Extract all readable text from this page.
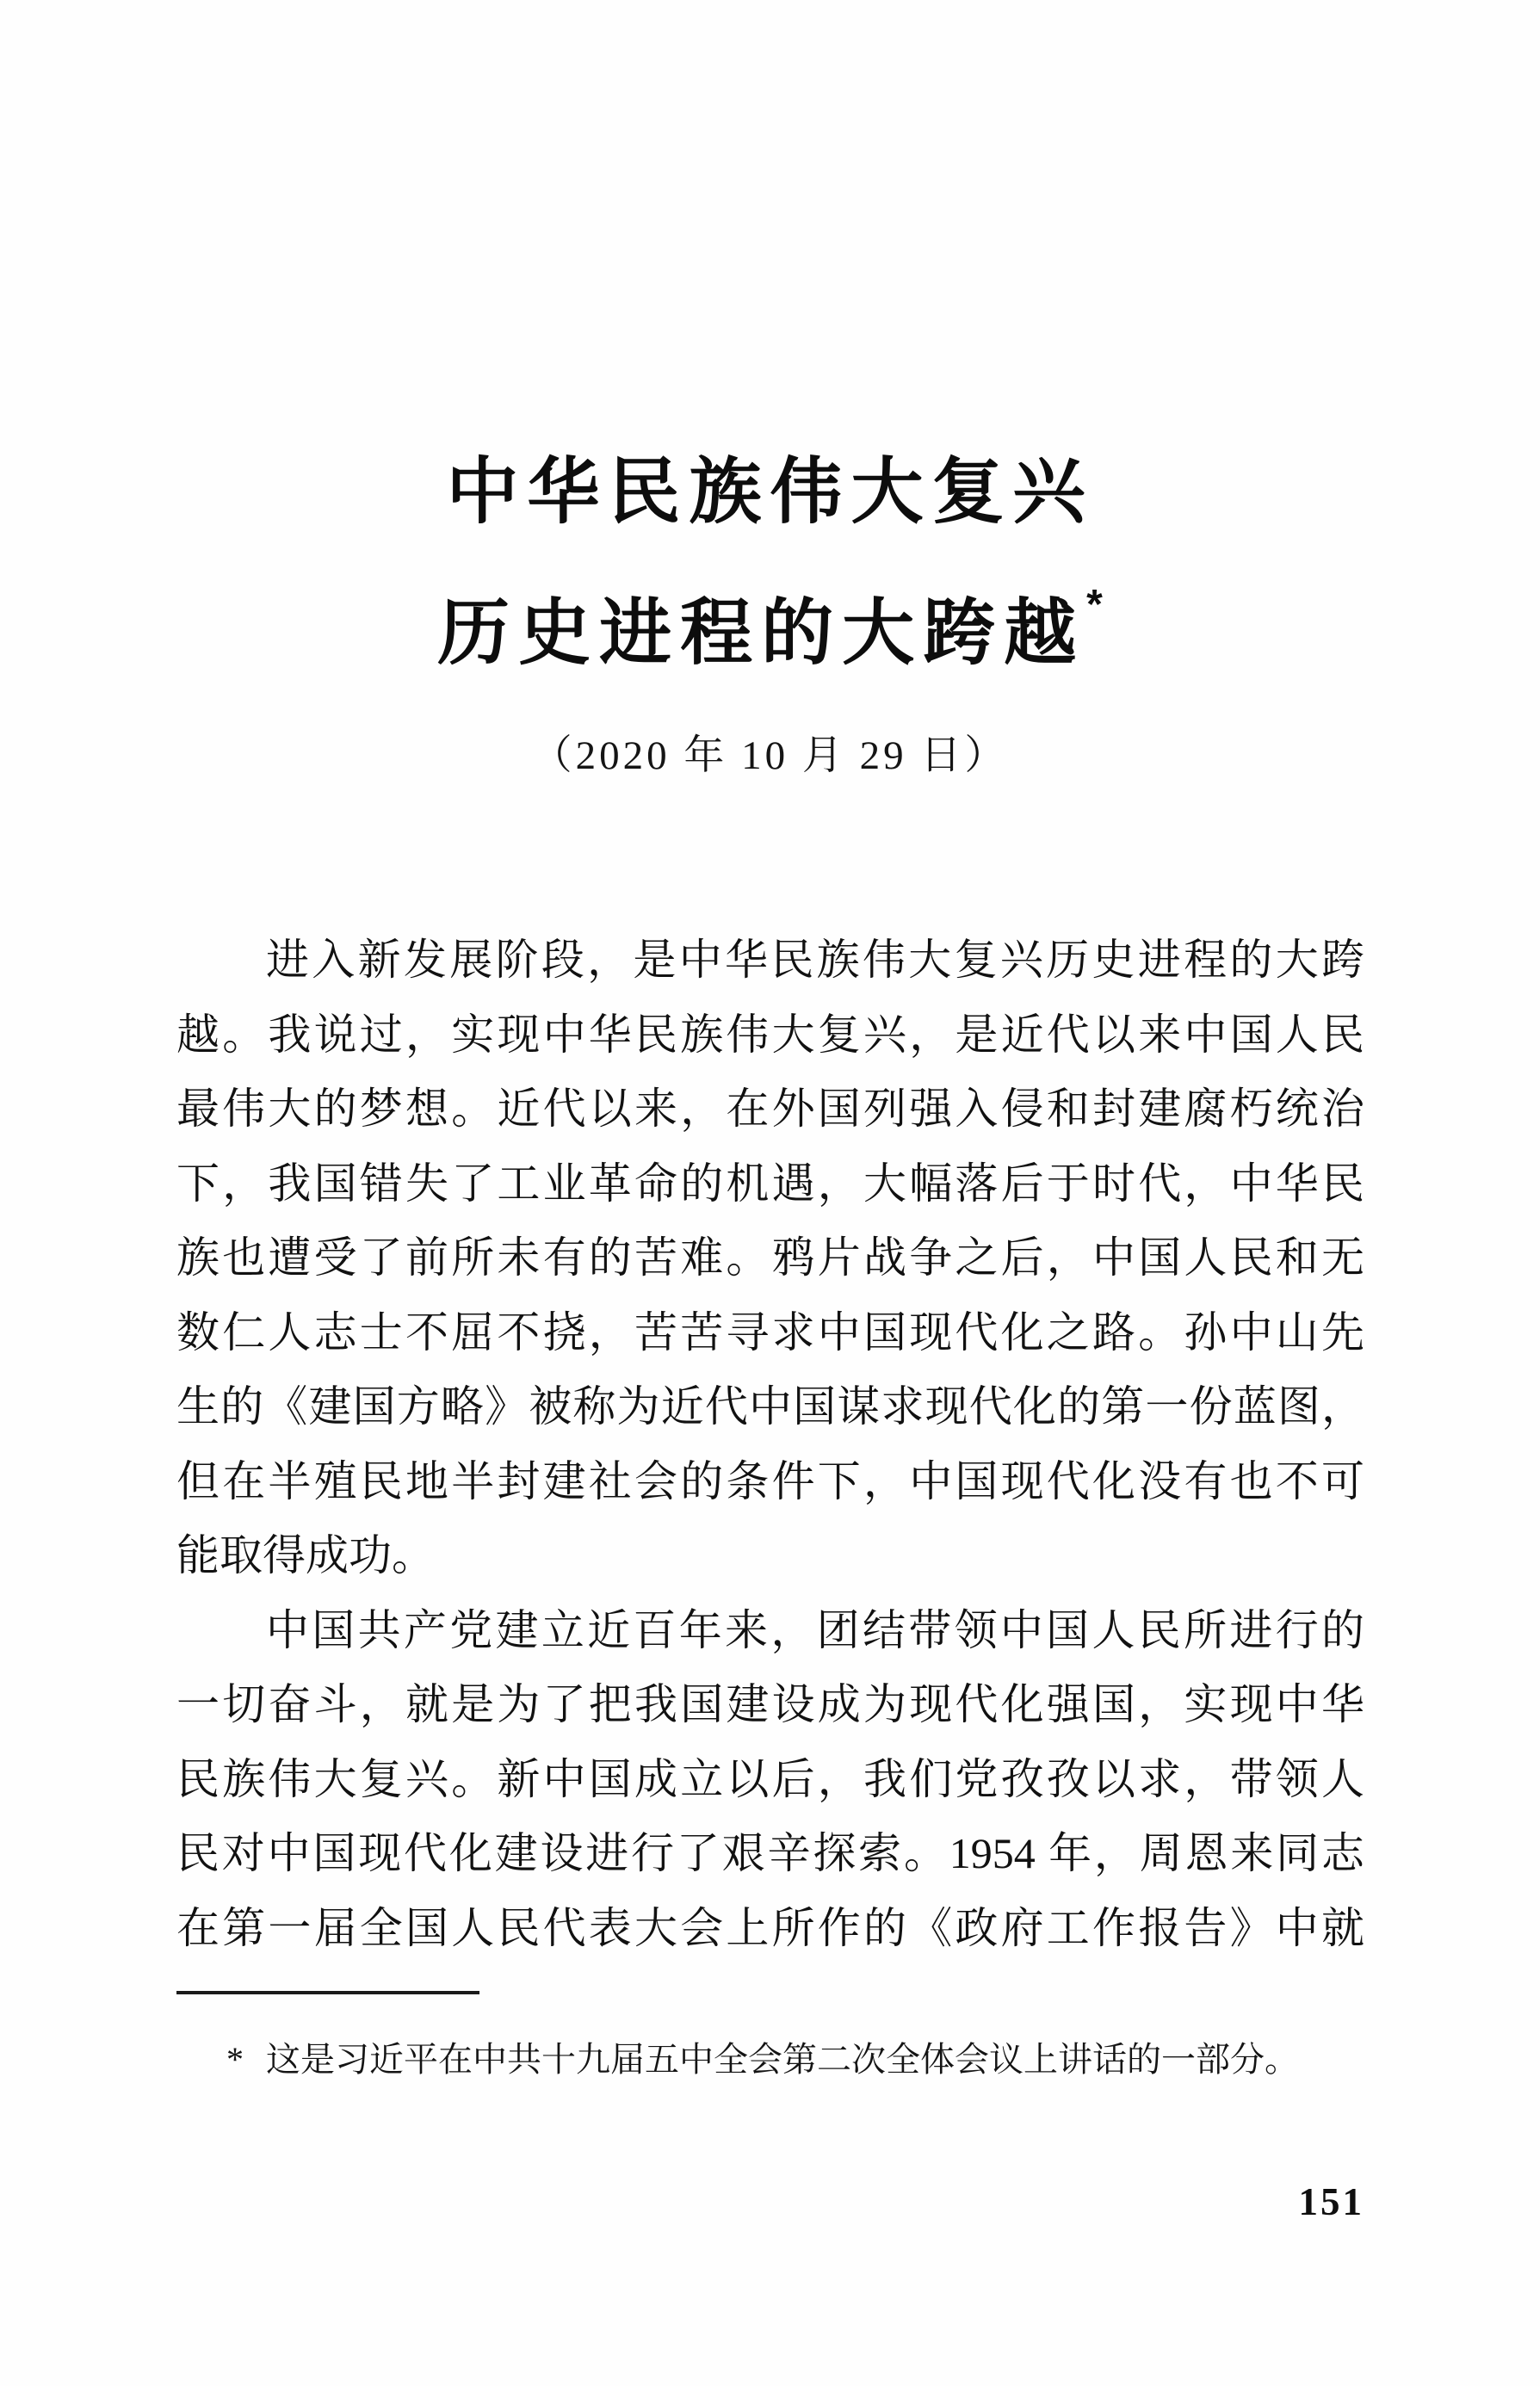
中华民族伟大复兴
历史进程的大跨越*
（2020 年 10 月 29 日）
进入新发展阶段，是中华民族伟大复兴历史进程的大跨
越。我说过，实现中华民族伟大复兴，是近代以来中国人民
最伟大的梦想。近代以来，在外国列强入侵和封建腐朽统治
下，我国错失了工业革命的机遇，大幅落后于时代，中华民
族也遭受了前所未有的苦难。鸦片战争之后，中国人民和无
数仁人志士不屈不挠，苦苦寻求中国现代化之路。孙中山先
生的《建国方略》被称为近代中国谋求现代化的第一份蓝图，
但在半殖民地半封建社会的条件下，中国现代化没有也不可
能取得成功。
中国共产党建立近百年来，团结带领中国人民所进行的
一切奋斗，就是为了把我国建设成为现代化强国，实现中华
民族伟大复兴。新中国成立以后，我们党孜孜以求，带领人
民对中国现代化建设进行了艰辛探索。1954 年，周恩来同志
在第一届全国人民代表大会上所作的《政府工作报告》中就
* 这是习近平在中共十九届五中全会第二次全体会议上讲话的一部分。
151
